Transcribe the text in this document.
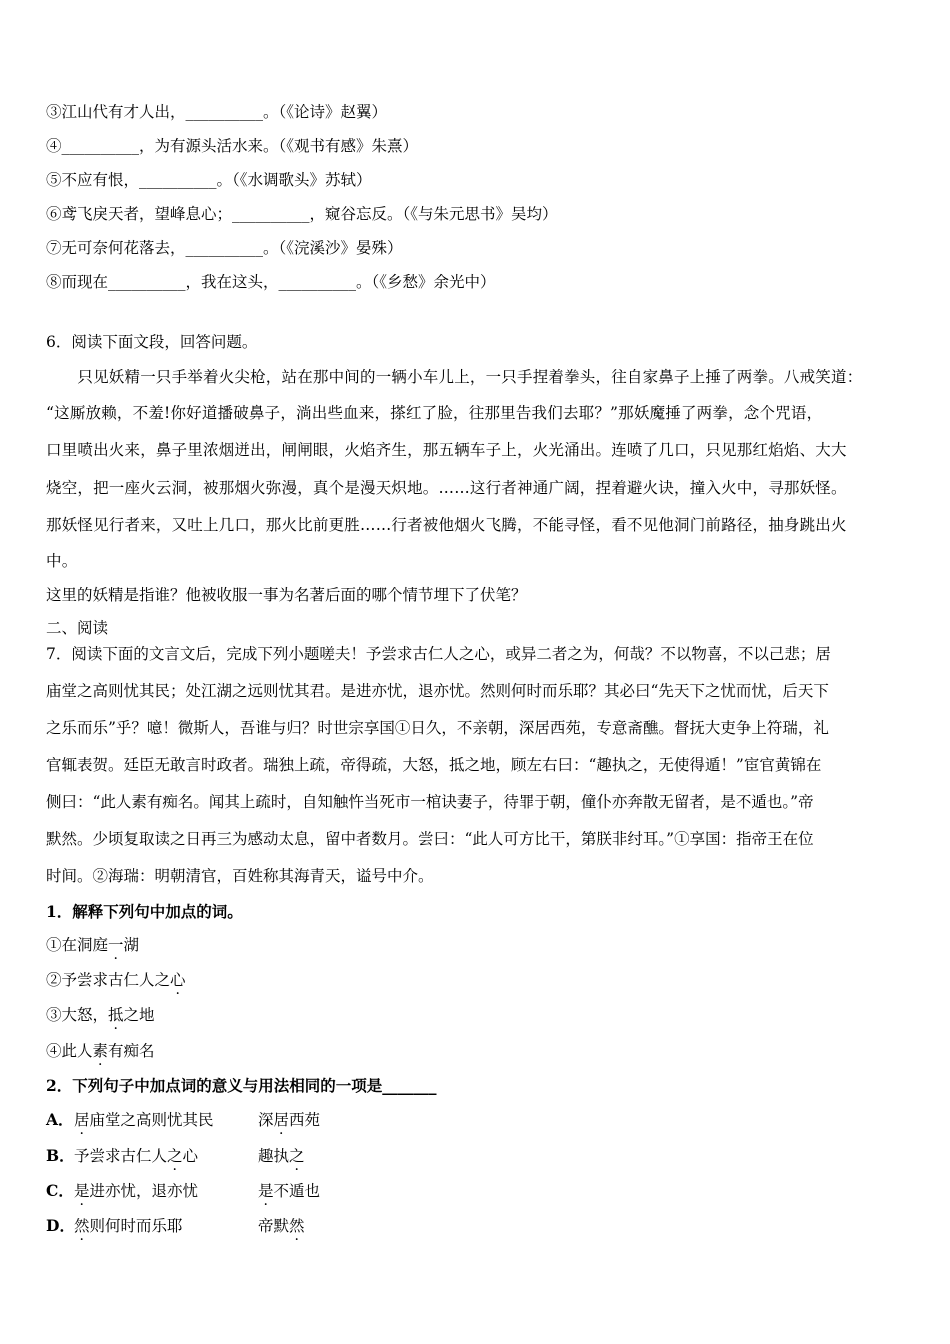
③江山代有才人出，__________。（《论诗》赵翼）
④__________，为有源头活水来。（《观书有感》朱熹）
⑤不应有恨，__________。（《水调歌头》苏轼）
⑥鸢飞戾天者，望峰息心；__________，窥谷忘反。（《与朱元思书》吴均）
⑦无可奈何花落去，__________。（《浣溪沙》晏殊）
⑧而现在__________，我在这头，__________。（《乡愁》余光中）
6．阅读下面文段，回答问题。
　　只见妖精一只手举着火尖枪，站在那中间的一辆小车儿上，一只手捏着拳头，往自家鼻子上捶了两拳。八戒笑道：
“这厮放赖，不羞!你好道播破鼻子，淌出些血来，搽红了脸，往那里告我们去耶？”那妖魔捶了两拳，念个咒语，
口里喷出火来，鼻子里浓烟迸出，闸闸眼，火焰齐生，那五辆车子上，火光涌出。连喷了几口，只见那红焰焰、大大
烧空，把一座火云洞，被那烟火弥漫，真个是漫天炽地。……这行者神通广阔，捏着避火诀，撞入火中，寻那妖怪。
那妖怪见行者来，又吐上几口，那火比前更胜……行者被他烟火飞腾，不能寻怪，看不见他洞门前路径，抽身跳出火
中。
这里的妖精是指谁？他被收服一事为名著后面的哪个情节埋下了伏笔？
二、阅读
7．阅读下面的文言文后，完成下列小题嗟夫！予尝求古仁人之心，或异二者之为，何哉？不以物喜，不以己悲；居
庙堂之高则忧其民；处江湖之远则忧其君。是进亦忧，退亦忧。然则何时而乐耶？其必曰“先天下之忧而忧，后天下
之乐而乐”乎？噫！微斯人，吾谁与归？时世宗享国①日久，不亲朝，深居西苑，专意斋醮。督抚大吏争上符瑞，礼
官辄表贺。廷臣无敢言时政者。瑞独上疏，帝得疏，大怒，抵之地，顾左右曰：“趣执之，无使得遁！”宦官黄锦在
侧曰：“此人素有痴名。闻其上疏时，自知触忤当死市一棺诀妻子，待罪于朝，僮仆亦奔散无留者，是不遁也。”帝
默然。少顷复取读之日再三为感动太息，留中者数月。尝曰：“此人可方比干，第朕非纣耳。”①享国：指帝王在位
时间。②海瑞：明朝清官，百姓称其海青天，谥号中介。
1．解释下列句中加点的词。
①在洞庭一湖
②予尝求古仁人之心
③大怒，抵之地
④此人素有痴名
2．下列句子中加点词的意义与用法相同的一项是_______
A．居庙堂之高则忧其民	深居西苑
B．予尝求古仁人之心	趣执之
C．是进亦忧，退亦忧	是不遁也
D．然则何时而乐耶	帝默然
